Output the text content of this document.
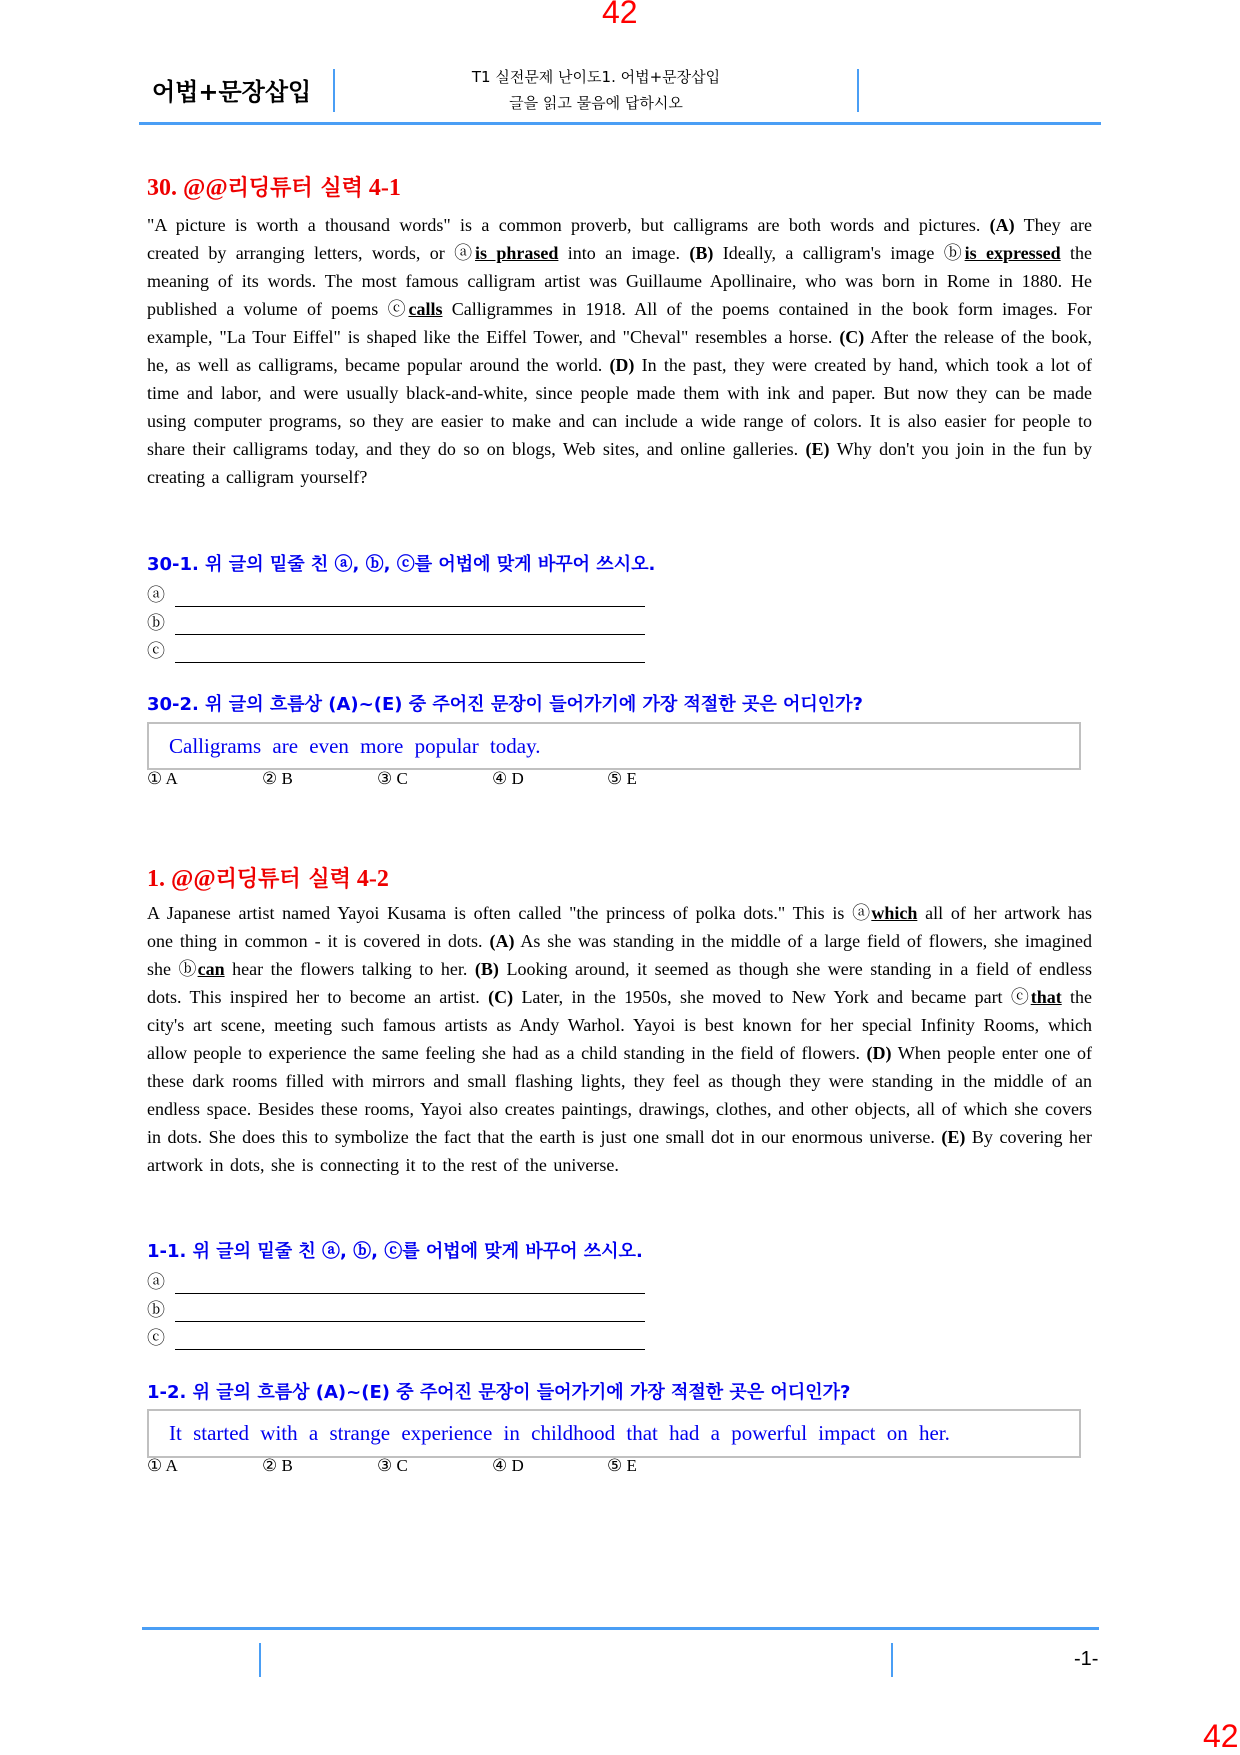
42
어법+문장삽입
T1 실전문제 난이도1. 어법+문장삽입
글을 읽고 물음에 답하시오
30. @@리딩튜터 실력 4-1
"A picture is worth a thousand words" is a common proverb, but calligrams are both words and pictures. (A) They are created by arranging letters, words, or ⓐis phrased into an image. (B) Ideally, a calligram's image ⓑis expressed the meaning of its words. The most famous calligram artist was Guillaume Apollinaire, who was born in Rome in 1880. He published a volume of poems ⓒcalls Calligrammes in 1918. All of the poems contained in the book form images. For example, "La Tour Eiffel" is shaped like the Eiffel Tower, and "Cheval" resembles a horse. (C) After the release of the book, he, as well as calligrams, became popular around the world. (D) In the past, they were created by hand, which took a lot of time and labor, and were usually black-and-white, since people made them with ink and paper. But now they can be made using computer programs, so they are easier to make and can include a wide range of colors. It is also easier for people to share their calligrams today, and they do so on blogs, Web sites, and online galleries. (E) Why don't you join in the fun by creating a calligram yourself?
30-1. 위 글의 밑줄 친 ⓐ, ⓑ, ⓒ를 어법에 맞게 바꾸어 쓰시오.
ⓐ
ⓑ
ⓒ
30-2. 위 글의 흐름상 (A)~(E) 중 주어진 문장이 들어가기에 가장 적절한 곳은 어디인가?
Calligrams are even more popular today.
① A	② B	③ C	④ D	⑤ E
1. @@리딩튜터 실력 4-2
A Japanese artist named Yayoi Kusama is often called "the princess of polka dots." This is ⓐwhich all of her artwork has one thing in common - it is covered in dots. (A) As she was standing in the middle of a large field of flowers, she imagined she ⓑcan hear the flowers talking to her. (B) Looking around, it seemed as though she were standing in a field of endless dots. This inspired her to become an artist. (C) Later, in the 1950s, she moved to New York and became part ⓒthat the city's art scene, meeting such famous artists as Andy Warhol. Yayoi is best known for her special Infinity Rooms, which allow people to experience the same feeling she had as a child standing in the field of flowers. (D) When people enter one of these dark rooms filled with mirrors and small flashing lights, they feel as though they were standing in the middle of an endless space. Besides these rooms, Yayoi also creates paintings, drawings, clothes, and other objects, all of which she covers in dots. She does this to symbolize the fact that the earth is just one small dot in our enormous universe. (E) By covering her artwork in dots, she is connecting it to the rest of the universe.
1-1. 위 글의 밑줄 친 ⓐ, ⓑ, ⓒ를 어법에 맞게 바꾸어 쓰시오.
ⓐ
ⓑ
ⓒ
1-2. 위 글의 흐름상 (A)~(E) 중 주어진 문장이 들어가기에 가장 적절한 곳은 어디인가?
It started with a strange experience in childhood that had a powerful impact on her.
① A	② B	③ C	④ D	⑤ E
-1-
42
